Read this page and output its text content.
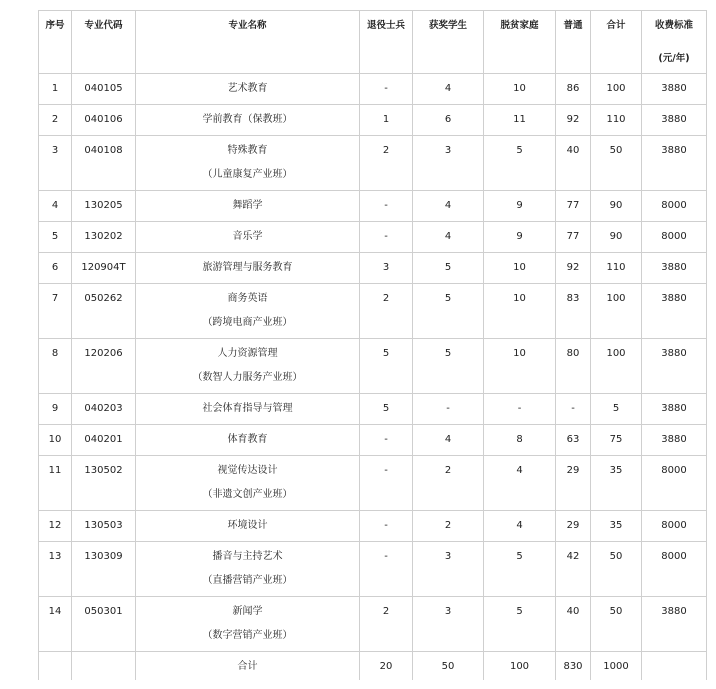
序号	专业代码	专业名称	退役士兵	获奖学生	脱贫家庭	普通	合计	收费标准
(元/年)

1	040105	艺术教育	-	4	10	86	100	3880
2	040106	学前教育（保教班）	1	6	11	92	110	3880
3	040108	特殊教育
（儿童康复产业班）	2	3	5	40	50	3880
4	130205	舞蹈学	-	4	9	77	90	8000
5	130202	音乐学	-	4	9	77	90	8000
6	120904T	旅游管理与服务教育	3	5	10	92	110	3880
7	050262	商务英语
（跨境电商产业班）	2	5	10	83	100	3880
8	120206	人力资源管理
（数智人力服务产业班）	5	5	10	80	100	3880
9	040203	社会体育指导与管理	5	-	-	-	5	3880
10	040201	体育教育	-	4	8	63	75	3880
11	130502	视觉传达设计
（非遗文创产业班）	-	2	4	29	35	8000
12	130503	环境设计	-	2	4	29	35	8000
13	130309	播音与主持艺术
（直播营销产业班）	-	3	5	42	50	8000
14	050301	新闻学
（数字营销产业班）	2	3	5	40	50	3880
		合计	20	50	100	830	1000	
